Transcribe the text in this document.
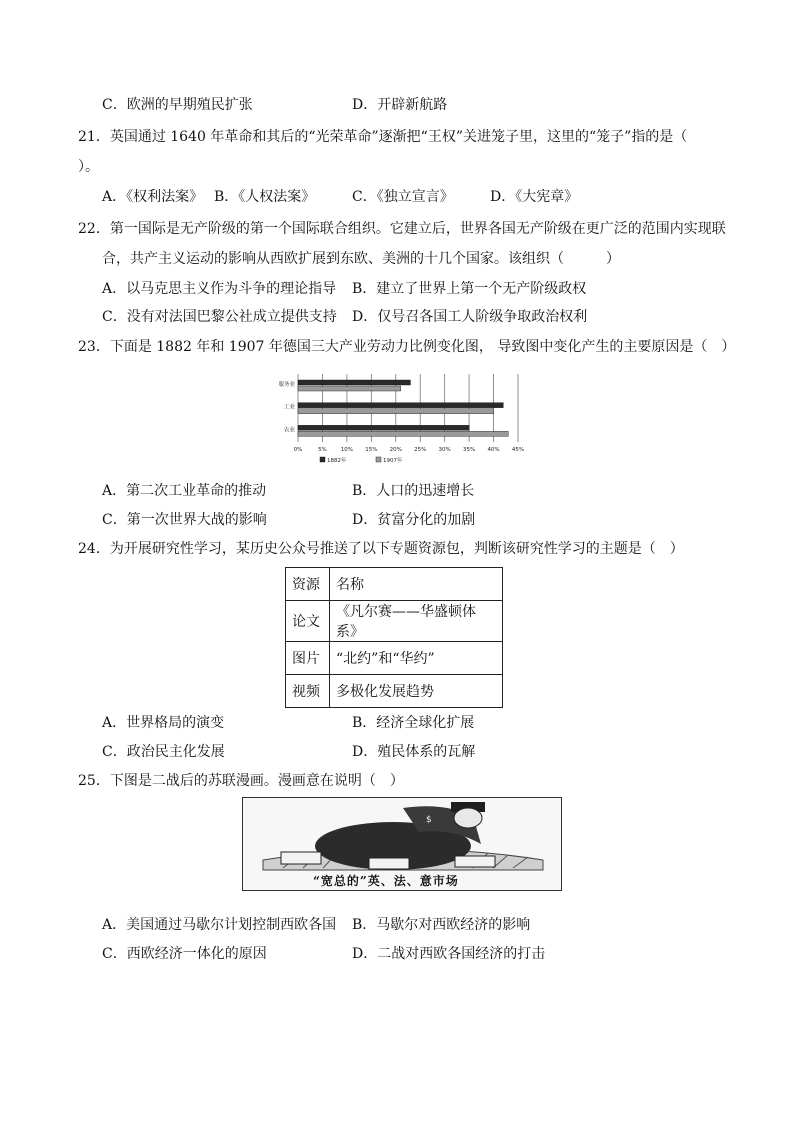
C．欧洲的早期殖民扩张	D．开辟新航路
21．英国通过 1640 年革命和其后的“光荣革命”逐渐把“王权”关进笼子里，这里的“笼子”指的是（
）。
A．《权利法案》 B．《人权法案》	C．《独立宣言》	D．《大宪章》
22．第一国际是无产阶级的第一个国际联合组织。它建立后，世界各国无产阶级在更广泛的范围内实现联
合，共产主义运动的影响从西欧扩展到东欧、美洲的十几个国家。该组织（　　　）
A．以马克思主义作为斗争的理论指导 B．建立了世界上第一个无产阶级政权
C．没有对法国巴黎公社成立提供支持 D．仅号召各国工人阶级争取政治权利
23．下面是 1882 年和 1907 年德国三大产业劳动力比例变化图， 导致图中变化产生的主要原因是（　）
0%	5%	10% 15% 20% 25% 30% 35% 40% 45%
服务业
工业
农业
1882年	1907年
A．第二次工业革命的推动	B．人口的迅速增长
C．第一次世界大战的影响	D．贫富分化的加剧
24．为开展研究性学习，某历史公众号推送了以下专题资源包，判断该研究性学习的主题是（　）
资源	名称
论文	《凡尔赛——华盛顿体系》
图片	“北约”和“华约”
视频	多极化发展趋势
A．世界格局的演变	B．经济全球化扩展
C．政治民主化发展	D．殖民体系的瓦解
25．下图是二战后的苏联漫画。漫画意在说明（　）
$
“宽总的”英、法、意市场
A．美国通过马歇尔计划控制西欧各国 B．马歇尔对西欧经济的影响
C．西欧经济一体化的原因	D．二战对西欧各国经济的打击
